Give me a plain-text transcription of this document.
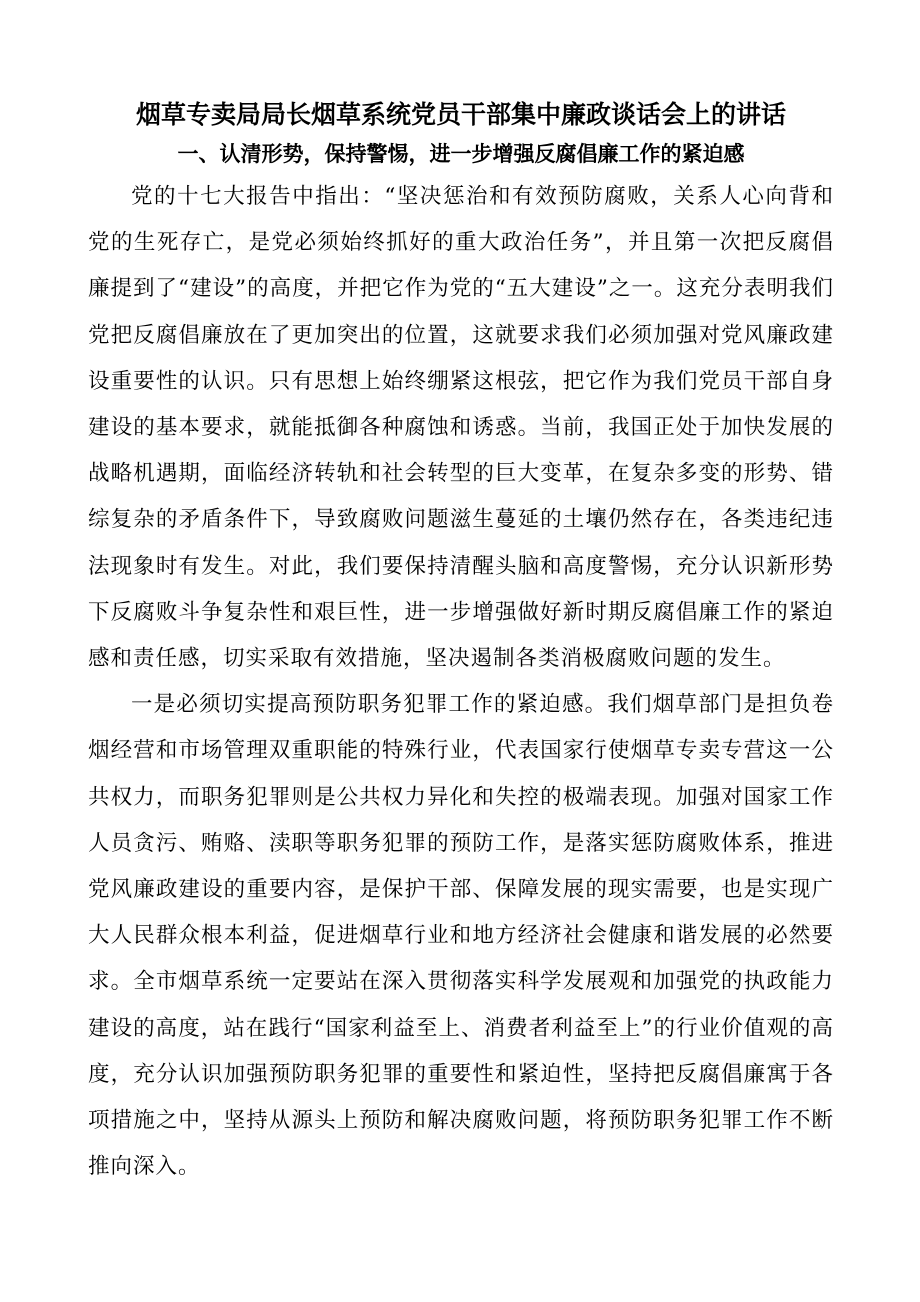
烟草专卖局局长烟草系统党员干部集中廉政谈话会上的讲话
一、认清形势，保持警惕，进一步增强反腐倡廉工作的紧迫感

党的十七大报告中指出：“坚决惩治和有效预防腐败，关系人心向背和党的生死存亡，是党必须始终抓好的重大政治任务”，并且第一次把反腐倡廉提到了“建设”的高度，并把它作为党的“五大建设”之一。这充分表明我们党把反腐倡廉放在了更加突出的位置，这就要求我们必须加强对党风廉政建设重要性的认识。只有思想上始终绷紧这根弦，把它作为我们党员干部自身建设的基本要求，就能抵御各种腐蚀和诱惑。当前，我国正处于加快发展的战略机遇期，面临经济转轨和社会转型的巨大变革，在复杂多变的形势、错综复杂的矛盾条件下，导致腐败问题滋生蔓延的土壤仍然存在，各类违纪违法现象时有发生。对此，我们要保持清醒头脑和高度警惕，充分认识新形势下反腐败斗争复杂性和艰巨性，进一步增强做好新时期反腐倡廉工作的紧迫感和责任感，切实采取有效措施，坚决遏制各类消极腐败问题的发生。

一是必须切实提高预防职务犯罪工作的紧迫感。我们烟草部门是担负卷烟经营和市场管理双重职能的特殊行业，代表国家行使烟草专卖专营这一公共权力，而职务犯罪则是公共权力异化和失控的极端表现。加强对国家工作人员贪污、贿赂、渎职等职务犯罪的预防工作，是落实惩防腐败体系，推进党风廉政建设的重要内容，是保护干部、保障发展的现实需要，也是实现广大人民群众根本利益，促进烟草行业和地方经济社会健康和谐发展的必然要求。全市烟草系统一定要站在深入贯彻落实科学发展观和加强党的执政能力建设的高度，站在践行“国家利益至上、消费者利益至上”的行业价值观的高度，充分认识加强预防职务犯罪的重要性和紧迫性，坚持把反腐倡廉寓于各项措施之中，坚持从源头上预防和解决腐败问题，将预防职务犯罪工作不断推向深入。
